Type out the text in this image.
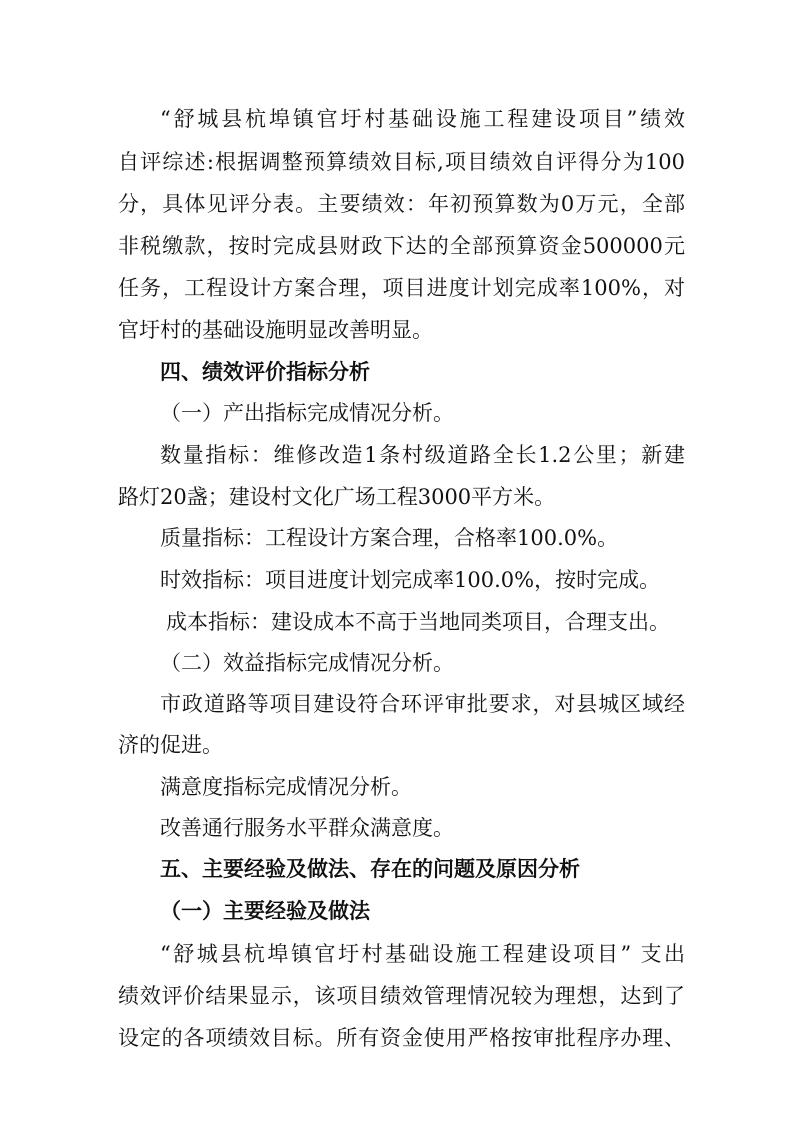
“舒城县杭埠镇官圩村基础设施工程建设项目”绩效
自评综述:根据调整预算绩效目标,项目绩效自评得分为100
分，具体见评分表。主要绩效：年初预算数为0万元，全部
非税缴款，按时完成县财政下达的全部预算资金500000元
任务，工程设计方案合理，项目进度计划完成率100%，对
官圩村的基础设施明显改善明显。
四、绩效评价指标分析
（一）产出指标完成情况分析。
数量指标：维修改造1条村级道路全长1.2公里；新建
路灯20盏；建设村文化广场工程3000平方米。
质量指标：工程设计方案合理，合格率100.0%。
时效指标：项目进度计划完成率100.0%，按时完成。
成本指标：建设成本不高于当地同类项目，合理支出。
（二）效益指标完成情况分析。
市政道路等项目建设符合环评审批要求，对县城区域经
济的促进。
满意度指标完成情况分析。
改善通行服务水平群众满意度。
五、主要经验及做法、存在的问题及原因分析
（一）主要经验及做法
“舒城县杭埠镇官圩村基础设施工程建设项目” 支出
绩效评价结果显示，该项目绩效管理情况较为理想，达到了
设定的各项绩效目标。所有资金使用严格按审批程序办理、
